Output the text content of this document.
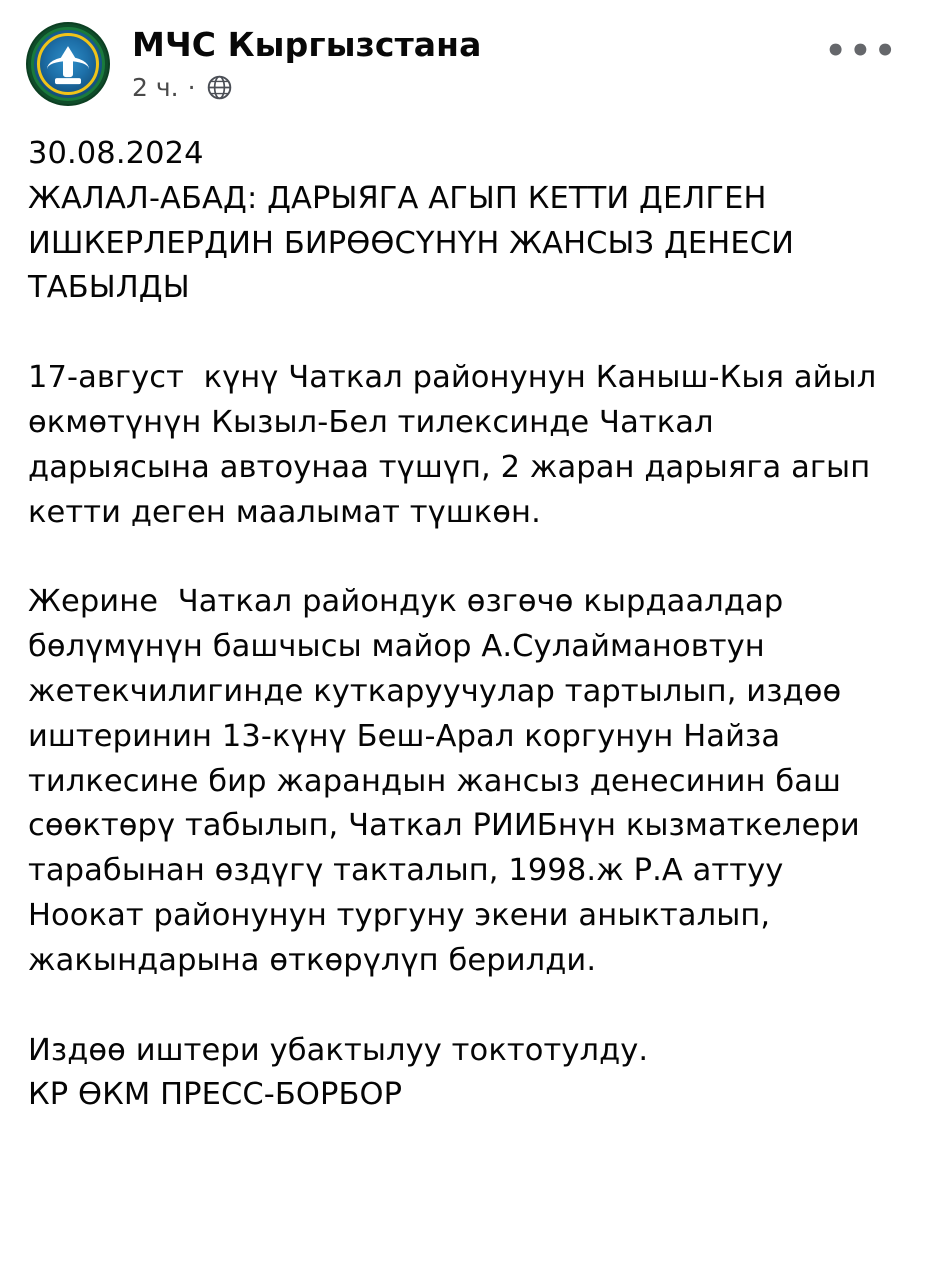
МЧС Кыргызстана
2 ч. ·
•••
30.08.2024
ЖАЛАЛ-АБАД: ДАРЫЯГА АГЫП КЕТТИ ДЕЛГЕН ИШКЕРЛЕРДИН БИРӨӨСҮНҮН ЖАНСЫЗ ДЕНЕСИ ТАБЫЛДЫ

17-август  күнү Чаткал районунун Каныш-Кыя айыл өкмөтүнүн Кызыл-Бел тилексинде Чаткал дарыясына автоунаа түшүп, 2 жаран дарыяга агып  кетти деген маалымат түшкөн.

Жерине  Чаткал райондук өзгөчө кырдаалдар бөлүмүнүн башчысы майор А.Сулаймановтун жетекчилигинде куткаруучулар тартылып, издөө иштеринин 13-күнү Беш-Арал коргунун Найза тилкесине бир жарандын жансыз денесинин баш сөөктөрү табылып, Чаткал РИИБнүн кызматкелери тарабынан өздүгү такталып, 1998.ж Р.А аттуу Ноокат районунун тургуну экени аныкталып, жакындарына өткөрүлүп берилди.

Издөө иштери убактылуу токтотулду.
КР ӨКМ ПРЕСС-БОРБОР
